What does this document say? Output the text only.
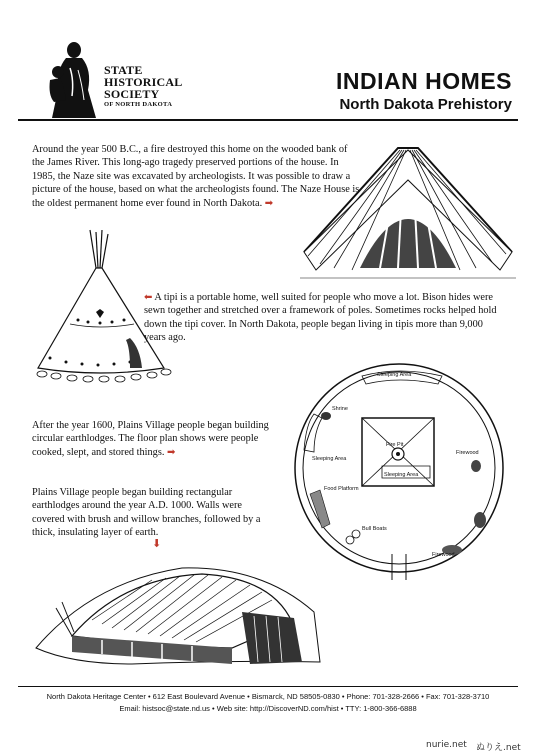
STATE
HISTORICAL
SOCIETY
OF NORTH DAKOTA
INDIAN HOMES
North Dakota Prehistory
Around the year 500 B.C., a fire destroyed this home on the wooded bank of the James River. This long-ago tragedy preserved portions of the house. In 1985, the Naze site was excavated by archeologists. It was possible to draw a picture of the house, based on what the archeologists found. The Naze House is the oldest permanent home ever found in North Dakota. ➡
⬅ A tipi is a portable home, well suited for people who move a lot. Bison hides were sewn together and stretched over a framework of poles. Sometimes rocks helped hold down the tipi cover. In North Dakota, people began living in tipis more than 9,000 years ago.
Sleeping Area
Shrine
Fire Pit
Firewood
Sleeping Area
Sleeping Area
Food Platform
Bull Boats
Firewood
After the year 1600, Plains Village people began building circular earthlodges. The floor plan shows were people cooked, slept, and stored things. ➡
Plains Village people began building rectangular earthlodges around the year A.D. 1000. Walls were covered with brush and willow branches, followed by a thick, insulating layer of earth.
⬇
North Dakota Heritage Center • 612 East Boulevard Avenue • Bismarck, ND 58505-0830 • Phone: 701-328-2666 • Fax: 701-328-3710
Email: histsoc@state.nd.us • Web site: http://DiscoverND.com/hist • TTY: 1-800-366-6888
nurie.net ぬりえ.net
